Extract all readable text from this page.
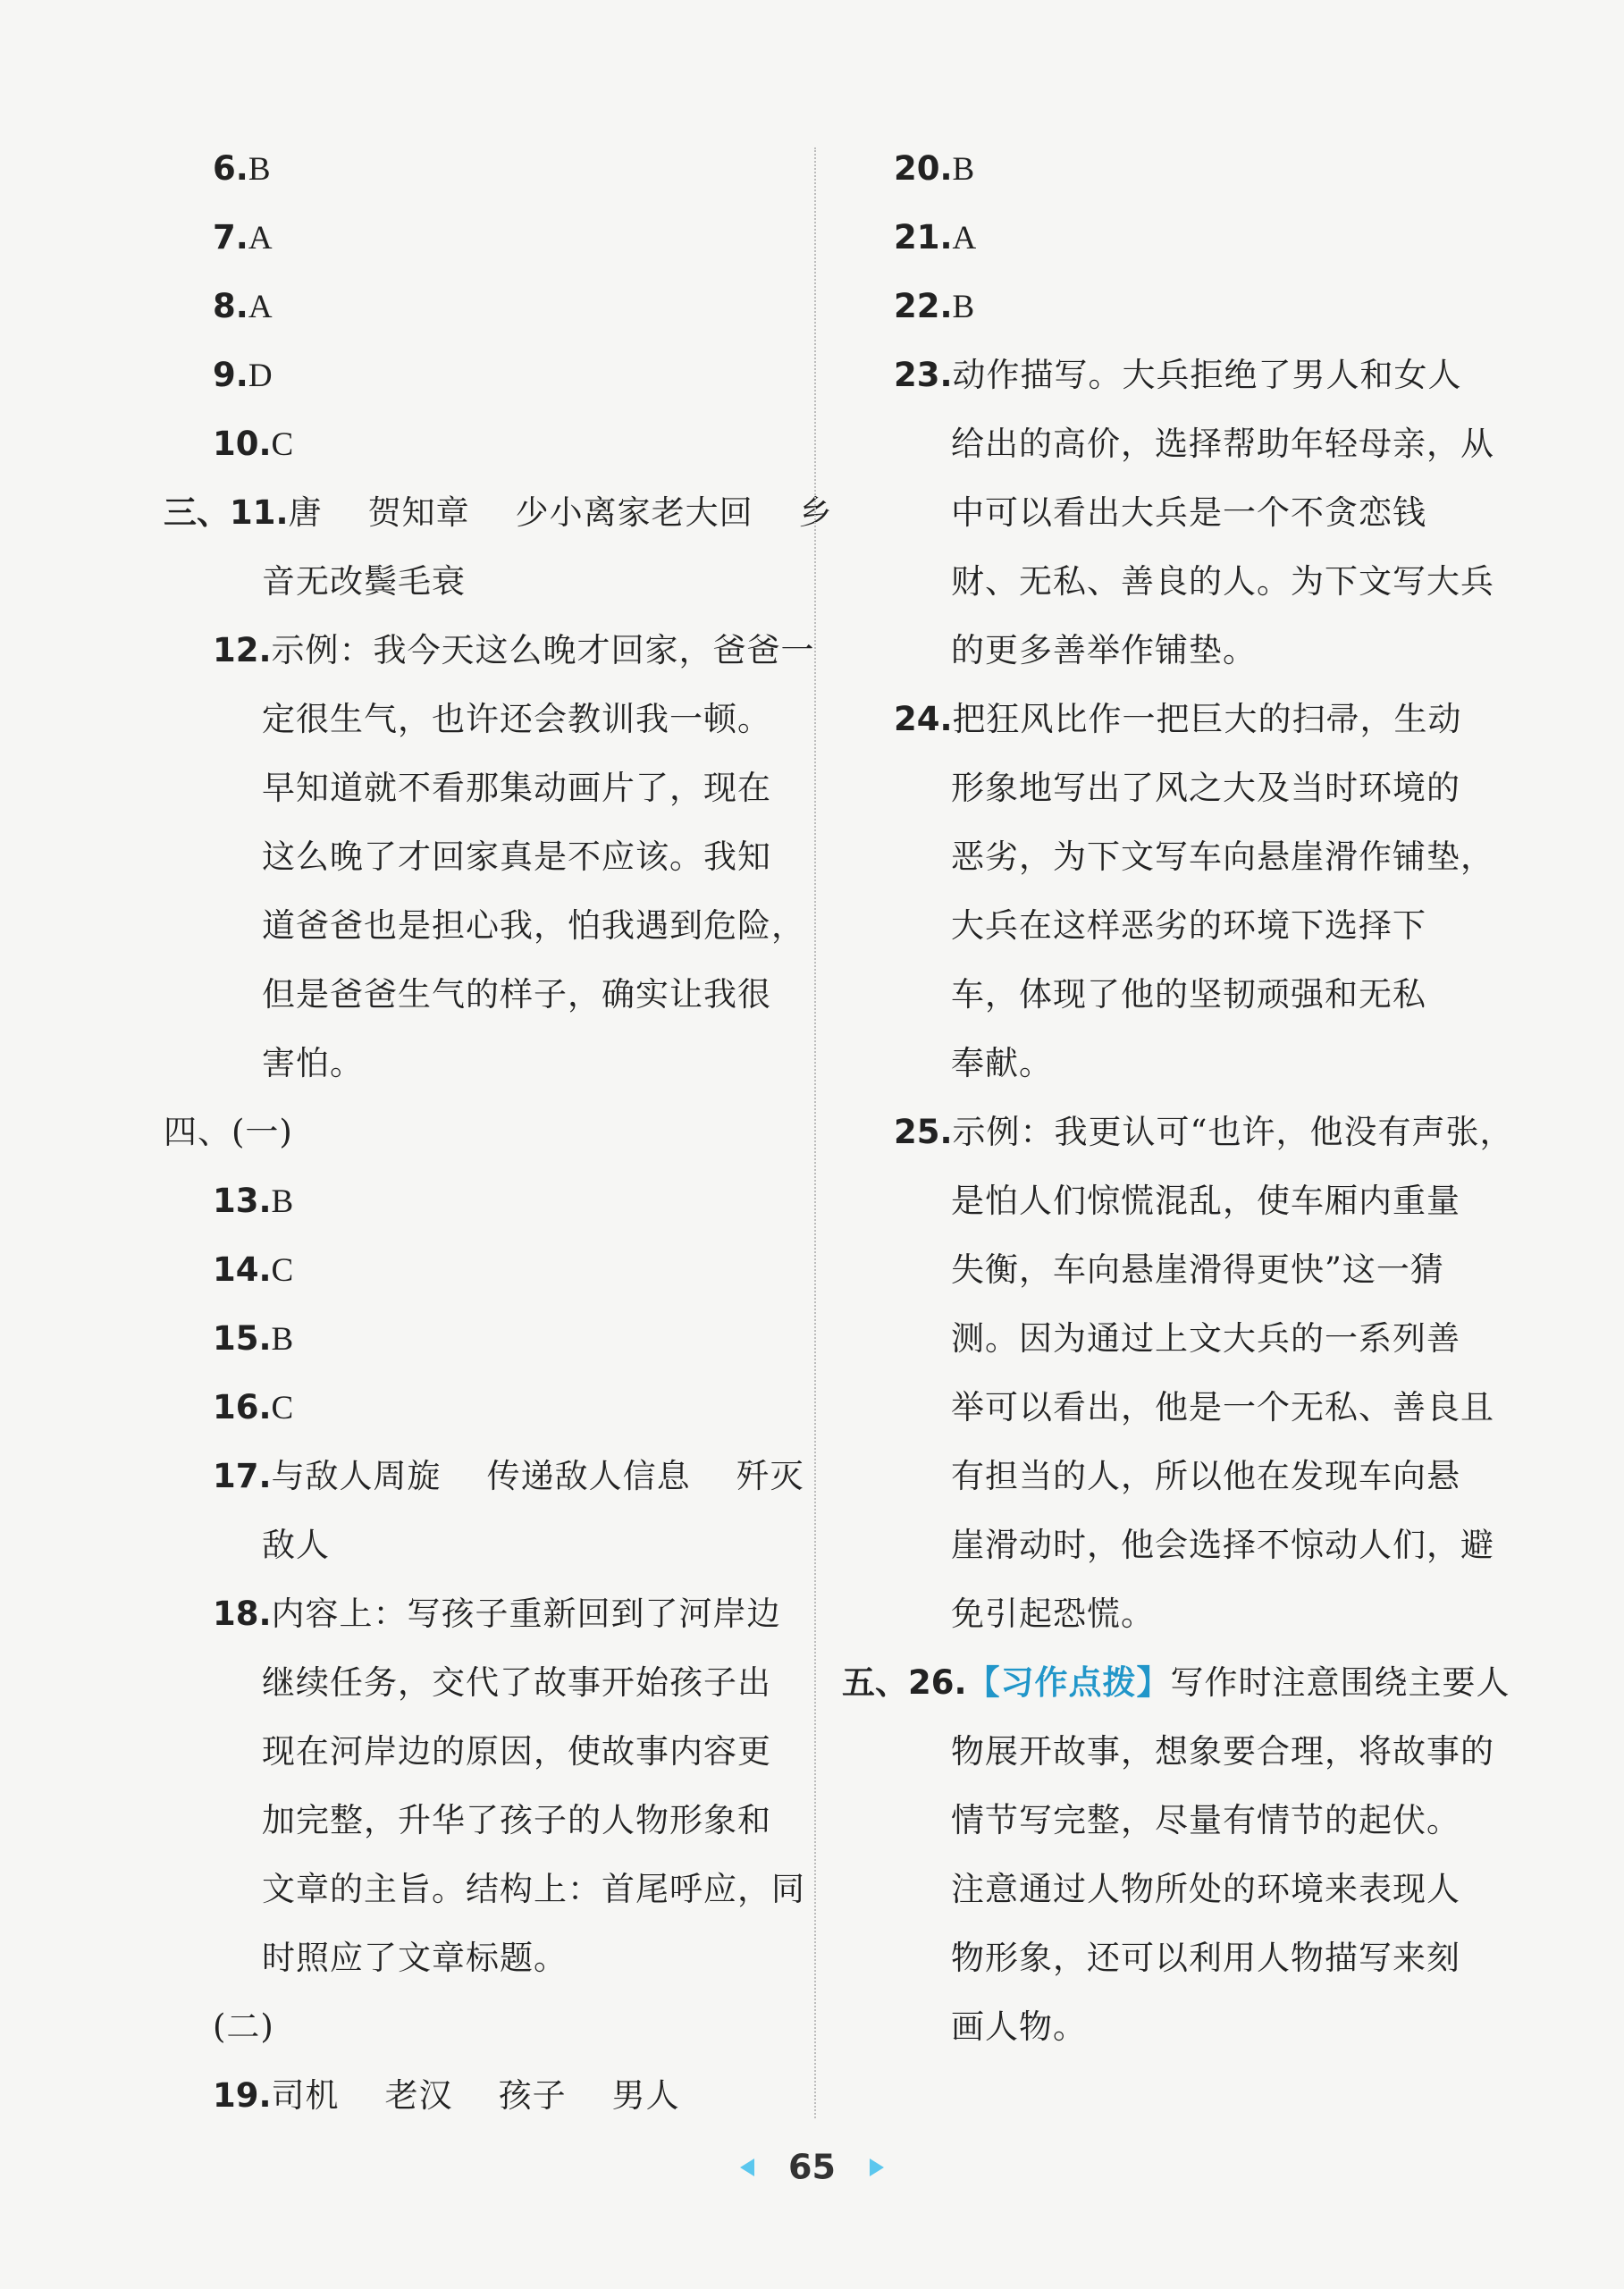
6.B
7.A
8.A
9.D
10.C
三、11.唐    贺知章    少小离家老大回    乡
音无改鬓毛衰
12.示例：我今天这么晚才回家，爸爸一
定很生气，也许还会教训我一顿。
早知道就不看那集动画片了，现在
这么晚了才回家真是不应该。我知
道爸爸也是担心我，怕我遇到危险，
但是爸爸生气的样子，确实让我很
害怕。
四、(一)
13.B
14.C
15.B
16.C
17.与敌人周旋    传递敌人信息    歼灭
敌人
18.内容上：写孩子重新回到了河岸边
继续任务，交代了故事开始孩子出
现在河岸边的原因，使故事内容更
加完整，升华了孩子的人物形象和
文章的主旨。结构上：首尾呼应，同
时照应了文章标题。
(二)
19.司机    老汉    孩子    男人
20.B
21.A
22.B
23.动作描写。大兵拒绝了男人和女人
给出的高价，选择帮助年轻母亲，从
中可以看出大兵是一个不贪恋钱
财、无私、善良的人。为下文写大兵
的更多善举作铺垫。
24.把狂风比作一把巨大的扫帚，生动
形象地写出了风之大及当时环境的
恶劣，为下文写车向悬崖滑作铺垫，
大兵在这样恶劣的环境下选择下
车，体现了他的坚韧顽强和无私
奉献。
25.示例：我更认可“也许，他没有声张，
是怕人们惊慌混乱，使车厢内重量
失衡，车向悬崖滑得更快”这一猜
测。因为通过上文大兵的一系列善
举可以看出，他是一个无私、善良且
有担当的人，所以他在发现车向悬
崖滑动时，他会选择不惊动人们，避
免引起恐慌。
五、26.【习作点拨】写作时注意围绕主要人
物展开故事，想象要合理，将故事的
情节写完整，尽量有情节的起伏。
注意通过人物所处的环境来表现人
物形象，还可以利用人物描写来刻
画人物。
65
